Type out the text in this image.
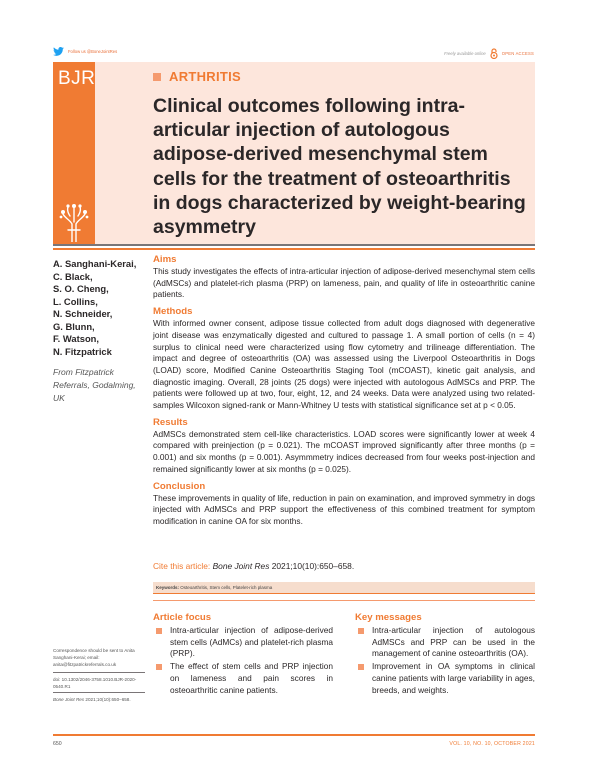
Follow us @BoneJointRes	Freely available online	OPEN ACCESS
BJR	ARTHRITIS
Clinical outcomes following intra-articular injection of autologous adipose-derived mesenchymal stem cells for the treatment of osteoarthritis in dogs characterized by weight-bearing asymmetry
A. Sanghani-Kerai,
C. Black,
S. O. Cheng,
L. Collins,
N. Schneider,
G. Blunn,
F. Watson,
N. Fitzpatrick
From Fitzpatrick Referrals, Godalming, UK
Aims

This study investigates the effects of intra-articular injection of adipose-derived mesenchymal stem cells (AdMSCs) and platelet-rich plasma (PRP) on lameness, pain, and quality of life in osteoarthritic canine patients.

Methods

With informed owner consent, adipose tissue collected from adult dogs diagnosed with degenerative joint disease was enzymatically digested and cultured to passage 1. A small portion of cells (n = 4) surplus to clinical need were characterized using flow cytometry and trilineage differentiation. The impact and degree of osteoarthritis (OA) was assessed using the Liverpool Osteoarthritis in Dogs (LOAD) score, Modified Canine Osteoarthritis Staging Tool (mCOAST), kinetic gait analysis, and diagnostic imaging. Overall, 28 joints (25 dogs) were injected with autologous AdMSCs and PRP. The patients were followed up at two, four, eight, 12, and 24 weeks. Data were analyzed using two related-samples Wilcoxon signed-rank or Mann-Whitney U tests with statistical significance set at p < 0.05.

Results

AdMSCs demonstrated stem cell-like characteristics. LOAD scores were significantly lower at week 4 compared with preinjection (p = 0.021). The mCOAST improved significantly after three months (p = 0.001) and six months (p = 0.001). Asymmmetry indices decreased from four weeks post-injection and remained significantly lower at six months (p = 0.025).

Conclusion

These improvements in quality of life, reduction in pain on examination, and improved symmetry in dogs injected with AdMSCs and PRP support the effectiveness of this combined treatment for symptom modification in canine OA for six months.

Cite this article: Bone Joint Res 2021;10(10):650–658.
Keywords: Osteoarthritis, Stem cells, Platelet-rich plasma
Article focus
Intra-articular injection of adipose-derived stem cells (AdMCs) and platelet-rich plasma (PRP).
The effect of stem cells and PRP injection on lameness and pain scores in osteoarthritic canine patients.
Key messages
Intra-articular injection of autologous AdMSCs and PRP can be used in the management of canine osteoarthritis (OA).
Improvement in OA symptoms in clinical canine patients with large variability in ages, breeds, and weights.
Correspondence should be sent to Anita Sanghani-Kerai; email: anita@fitzpatrickreferrals.co.uk
doi: 10.1302/2046-3758.1010.BJR-2020-0540.R1
Bone Joint Res 2021;10(10):650–658.
650	VOL. 10, NO. 10, OCTOBER 2021
